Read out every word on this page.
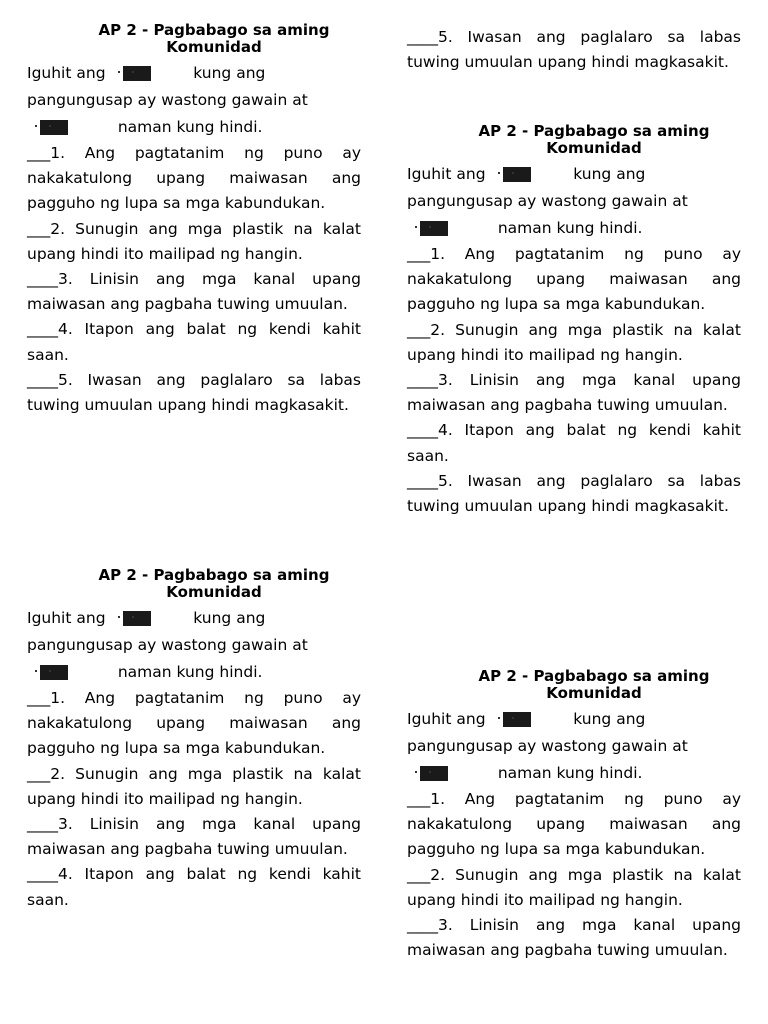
AP 2 - Pagbabago sa aming
Komunidad
Iguhit ang	kung ang
pangungusap ay wastong gawain at

naman kung hindi.

___1. Ang pagtatanim ng puno ay nakakatulong upang maiwasan ang pagguho ng lupa sa mga kabundukan.

___2. Sunugin ang mga plastik na kalat upang hindi ito mailipad ng hangin.

____3. Linisin ang mga kanal upang maiwasan ang pagbaha tuwing umuulan.

____4. Itapon ang balat ng kendi kahit saan.

____5. Iwasan ang paglalaro sa labas tuwing umuulan upang hindi magkasakit.

AP 2 - Pagbabago sa aming
Komunidad
Iguhit ang	kung ang
pangungusap ay wastong gawain at

naman kung hindi.

___1. Ang pagtatanim ng puno ay nakakatulong upang maiwasan ang pagguho ng lupa sa mga kabundukan.

___2. Sunugin ang mga plastik na kalat upang hindi ito mailipad ng hangin.

____3. Linisin ang mga kanal upang maiwasan ang pagbaha tuwing umuulan.

____4. Itapon ang balat ng kendi kahit saan.

____5. Iwasan ang paglalaro sa labas tuwing umuulan upang hindi magkasakit.

AP 2 - Pagbabago sa aming
Komunidad
Iguhit ang	kung ang
pangungusap ay wastong gawain at

naman kung hindi.

___1. Ang pagtatanim ng puno ay nakakatulong upang maiwasan ang pagguho ng lupa sa mga kabundukan.

___2. Sunugin ang mga plastik na kalat upang hindi ito mailipad ng hangin.

____3. Linisin ang mga kanal upang maiwasan ang pagbaha tuwing umuulan.

____4. Itapon ang balat ng kendi kahit saan.

____5. Iwasan ang paglalaro sa labas tuwing umuulan upang hindi magkasakit.

AP 2 - Pagbabago sa aming
Komunidad
Iguhit ang	kung ang
pangungusap ay wastong gawain at

naman kung hindi.

___1. Ang pagtatanim ng puno ay nakakatulong upang maiwasan ang pagguho ng lupa sa mga kabundukan.

___2. Sunugin ang mga plastik na kalat upang hindi ito mailipad ng hangin.

____3. Linisin ang mga kanal upang maiwasan ang pagbaha tuwing umuulan.
